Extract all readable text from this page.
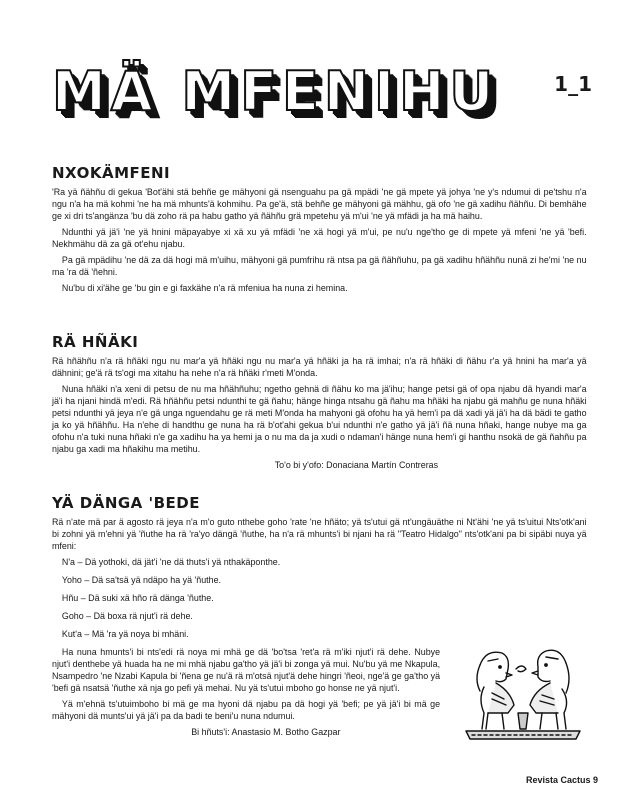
MÄ MFENIHU	1_1
NXOKÄMFENI

'Ra yä ñähñu di gekua 'Bot'ähi stä behñe ge mähyoni gä nsenguahu pa gä mpädi 'ne gä mpete yä johya 'ne y's ndumui di pe'tshu n'a ngu n'a ha mä kohmi 'ne ha mä mhunts'ä kohmihu. Pa ge'ä, stä behñe ge mähyoni gä mähhu, gä ofo 'ne gä xadihu ñähñu. Di bemhähe ge xi dri ts'angänza 'bu dä zoho rä pa habu gatho yä ñähñu grä mpetehu yä m'ui 'ne yä mfädi ja ha mä haihu.

Ndunthi yä jä'i 'ne yä hnini mäpayabye xi xä xu yä mfädi 'ne xä hogi yä m'ui, pe nu'u nge'tho ge di mpete yä mfeni 'ne yä 'befi. Nekhmähu dä za gä ot'ehu njabu.

Pa gä mpädihu 'ne dä za dä hogi mä m'uihu, mähyoni gä pumfrihu rä ntsa pa gä ñähñuhu, pa gä xadihu hñähñu nunä zi he'mi 'ne nu ma 'ra dä 'ñehni.

Nu'bu di xi'ähe ge 'bu gin e gi faxkähe n'a rä mfeniua ha nuna zi hemina.

RÄ HÑÄKI

Rä hñähñu n'a rä hñäki ngu nu mar'a yä hñäki ngu nu mar'a yä hñäki ja ha rä imhai; n'a rä hñäki di ñähu r'a yä hnini ha mar'a yä dähnini; ge'ä rä ts'ogi ma xitahu ha nehe n'a rä hñäki r'meti M'onda.

Nuna hñäki n'a xeni di petsu de nu ma hñähñuhu; ngetho gehnä di ñähu ko ma jä'ihu; hange petsi gä of opa njabu dä hyandi mar'a jä'i ha njani hindä m'edi. Rä hñähñu petsi ndunthi te gä ñahu; hänge hinga ntsahu gä ñahu ma hñäki ha njabu gä mahñu ge nuna hñäki petsi ndunthi yä jeya n'e gä unga nguendahu ge rä meti M'onda ha mahyoni gä ofohu ha yä hem'i pa dä xadi yä jä'i ha dä bädi te gatho ja ko yä hñähñu. Ha n'ehe di handthu ge nuna ha rä b'ot'ahi gekua b'ui ndunthi n'e gatho yä jä'i ñä nuna hñaki, hange nubye ma ga ofohu n'a tuki nuna hñaki n'e ga xadihu ha ya hemi ja o nu ma da ja xudi o ndaman'i hänge nuna hem'i gi hanthu nsokä de gä ñahñu pa njabu ga xadi ma hñakihu ma metihu.

To'o bi y'ofo: Donaciana Martín Contreras

YÄ DÄNGA 'BEDE

Rä n'ate mä par ä agosto rä jeya n'a m'o guto nthebe goho 'rate 'ne hñäto; yä ts'utui gä nt'ungäuäthe ni Nt'ähi 'ne yä ts'uitui Nts'otk'ani bi zohni yä m'ehni yä 'ñuthe ha rä 'ra'yo dängä 'ñuthe, ha n'a rä mhunts'i bi njani ha rä "Teatro Hidalgo" nts'otk'ani pa bi sipäbi nuya yä mfeni:

N'a – Dä yothoki, dä jät'i 'ne dä thuts'i yä nthakäponthe.

Yoho – Dä sa'tsä yä ndäpo ha yä 'ñuthe.

Hñu – Dä suki xä hño rä dänga 'ñuthe.

Goho – Dä boxa rä njut'i rä dehe.

Kut'a – Mä 'ra yä noya bi mhäni.

Ha nuna hmunts'i bi nts'edi rä noya mi mhä ge dä 'bo'tsa 'ret'a rä m'iki njut'i rä dehe. Nubye njut'i denthebe yä huada ha ne mi mhä njabu ga'tho yä jä'i bi zonga yä mui. Nu'bu yä me Nkapula, Nsampedro 'ne Nzabi Kapula bi 'ñena ge nu'ä rä m'otsä njut'ä dehe hingri 'ñeoi, nge'ä ge ga'tho yä 'befi gä nsatsä 'ñuthe xä nja go pefi yä mehai. Nu yä ts'utui mboho go honse ne yä njut'i.

Yä m'ehnä ts'utuimboho bi mä ge ma hyoni dä njabu pa dä hogi yä 'befi; pe yä jä'i bi mä ge mähyoni dä munts'ui yä jä'i pa da badi te beni'u nuna ndumui.

Bi hñuts'i: Anastasio M. Botho Gazpar

Revista Cactus 9
